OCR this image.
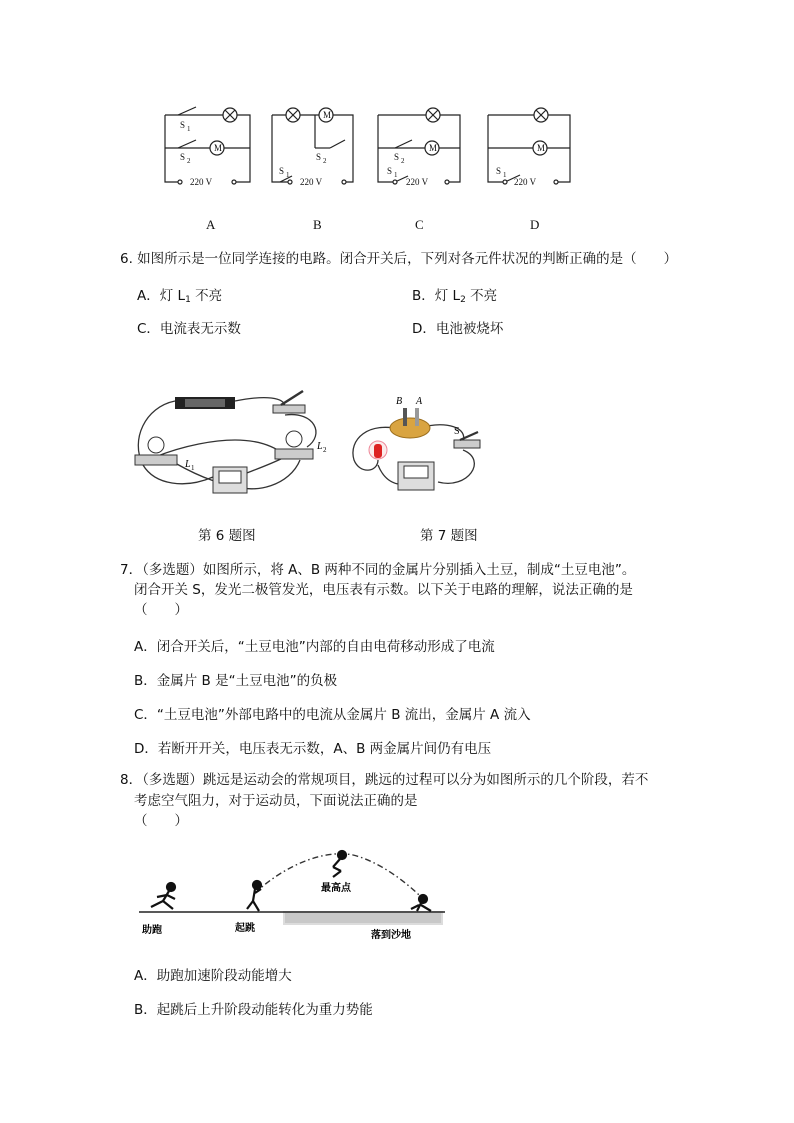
M
M
M	M
S 1
S 2	S 2
S 1
S 2
S 1	S 1
220 V	220 V	220 V	220 V
A	B	C	D
6. 如图所示是一位同学连接的电路。闭合开关后，下列对各元件状况的判断正确的是（　　）
A．灯 $L_1$ 不亮	B．灯 $L_2$ 不亮
C．电流表无示数	D．电池被烧坏
L 1
L 2
B A
S
第 6 题图	第 7 题图
7．（多选题）如图所示，将 A、B 两种不同的金属片分别插入土豆，制成“土豆电池”。
闭合开关 S，发光二极管发光，电压表有示数。以下关于电路的理解，说法正确的是
（　　）
A．闭合开关后，“土豆电池”内部的自由电荷移动形成了电流
B．金属片 B 是“土豆电池”的负极
C．“土豆电池”外部电路中的电流从金属片 B 流出，金属片 A 流入
D．若断开开关，电压表无示数，A、B 两金属片间仍有电压
8．（多选题）跳远是运动会的常规项目，跳远的过程可以分为如图所示的几个阶段，若不
考虑空气阻力，对于运动员，下面说法正确的是
（　　）
助跑	起跳
最高点
落到沙地
A．助跑加速阶段动能增大
B．起跳后上升阶段动能转化为重力势能
